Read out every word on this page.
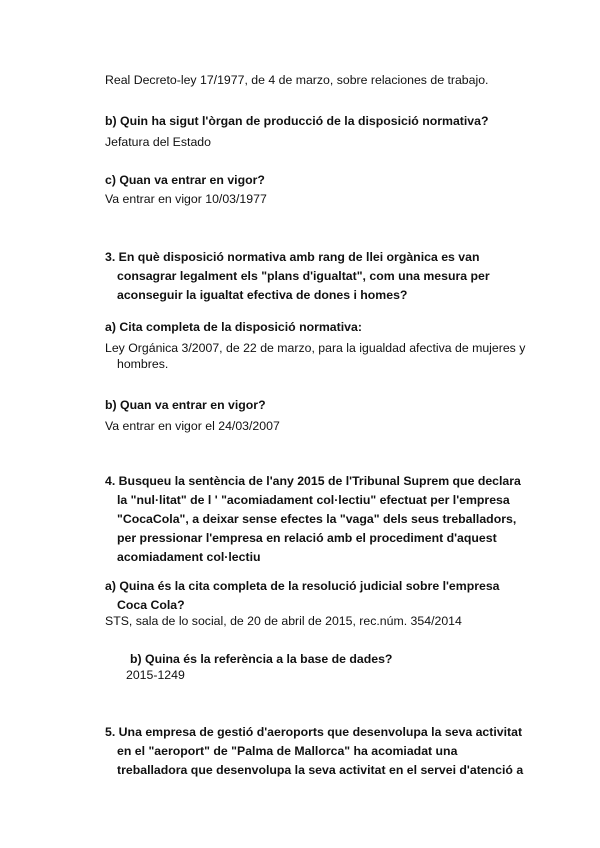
Real Decreto-ley 17/1977, de 4 de marzo, sobre relaciones de trabajo.

b) Quin ha sigut l'òrgan de producció de la disposició normativa?

Jefatura del Estado

c) Quan va entrar en vigor?

Va entrar en vigor 10/03/1977

3. En què disposició normativa amb rang de llei orgànica es van
consagrar legalment els "plans d'igualtat", com una mesura per
aconseguir la igualtat efectiva de dones i homes?

a) Cita completa de la disposició normativa:

Ley Orgánica 3/2007, de 22 de marzo, para la igualdad afectiva de mujeres y
hombres.

b) Quan va entrar en vigor?

Va entrar en vigor el 24/03/2007

4. Busqueu la sentència de l'any 2015 de l'Tribunal Suprem que declara
la "nul·litat" de l ' "acomiadament col·lectiu" efectuat per l'empresa
"CocaCola", a deixar sense efectes la "vaga" dels seus treballadors,
per pressionar l'empresa en relació amb el procediment d'aquest
acomiadament col·lectiu
a) Quina és la cita completa de la resolució judicial sobre l'empresa
Coca Cola?

STS, sala de lo social, de 20 de abril de 2015, rec.núm. 354/2014

b) Quina és la referència a la base de dades?

2015-1249

5. Una empresa de gestió d'aeroports que desenvolupa la seva activitat
en el "aeroport" de "Palma de Mallorca" ha acomiadat una
treballadora que desenvolupa la seva activitat en el servei d'atenció a
